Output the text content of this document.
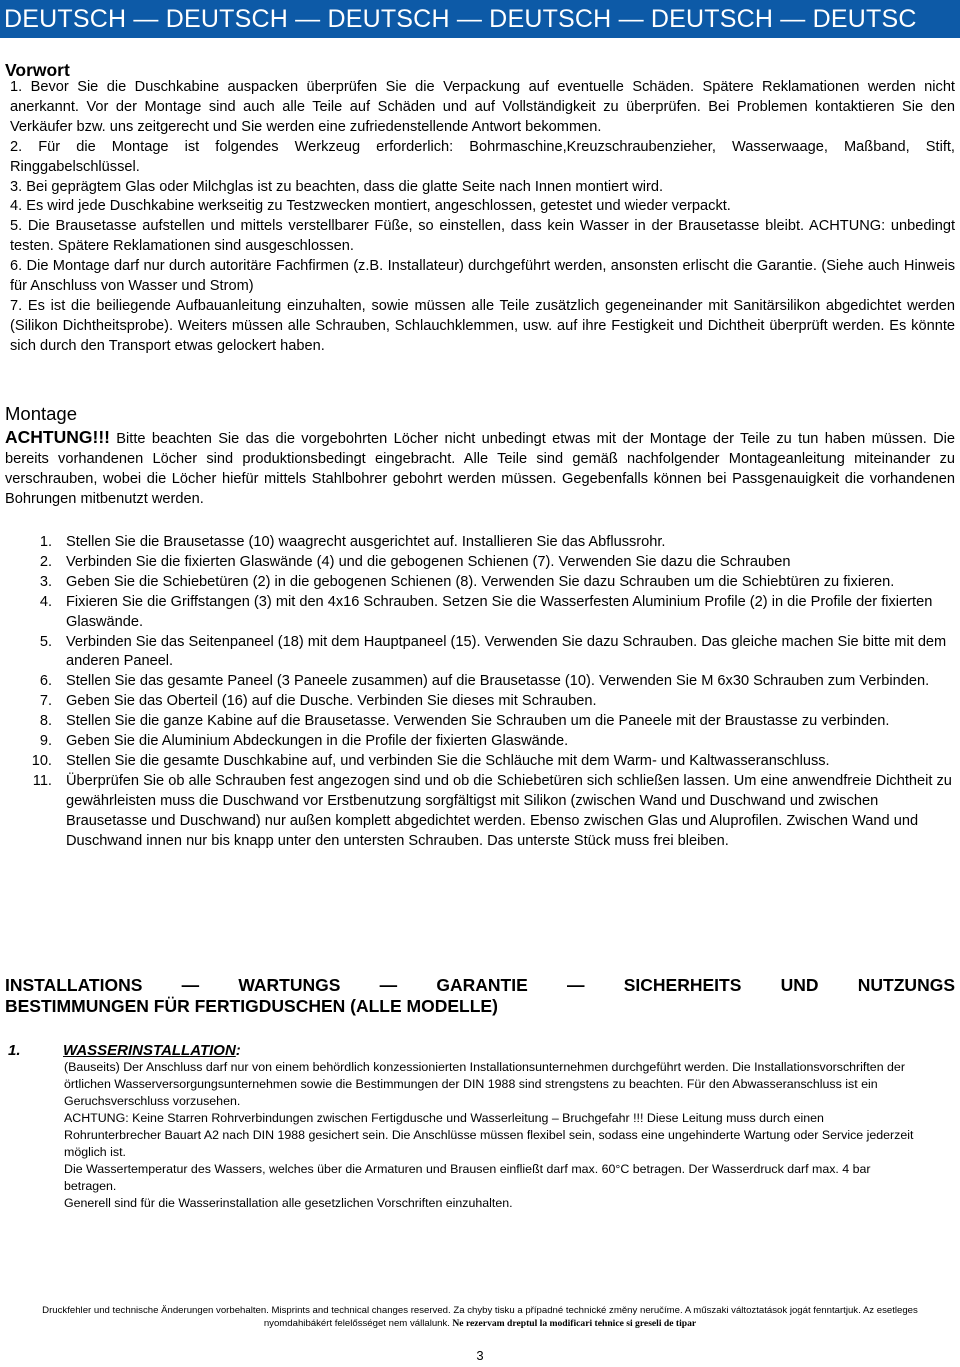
DEUTSCH — DEUTSCH — DEUTSCH — DEUTSCH — DEUTSCH — DEUTSC
Vorwort

1. Bevor Sie die Duschkabine auspacken überprüfen Sie die Verpackung auf eventuelle Schäden. Spätere Reklamationen werden nicht anerkannt. Vor der Montage sind auch alle Teile auf Schäden und auf Vollständigkeit zu überprüfen. Bei Problemen kontaktieren Sie den Verkäufer bzw. uns zeitgerecht und Sie werden eine zufriedenstellende Antwort bekommen.

2. Für die Montage ist folgendes Werkzeug erforderlich: Bohrmaschine,Kreuzschraubenzieher, Wasserwaage, Maßband, Stift, Ringgabelschlüssel.

3. Bei geprägtem Glas oder Milchglas ist zu beachten, dass die glatte Seite nach Innen montiert wird.

4. Es wird jede Duschkabine werkseitig zu Testzwecken montiert, angeschlossen, getestet und wieder verpackt.

5. Die Brausetasse aufstellen und mittels verstellbarer Füße, so einstellen, dass kein Wasser in der Brausetasse bleibt. ACHTUNG: unbedingt testen. Spätere Reklamationen sind ausgeschlossen.

6. Die Montage darf nur durch autoritäre Fachfirmen (z.B. Installateur) durchgeführt werden, ansonsten erlischt die Garantie. (Siehe auch Hinweis für Anschluss von Wasser und Strom)

7. Es ist die beiliegende Aufbauanleitung einzuhalten, sowie müssen alle Teile zusätzlich gegeneinander mit Sanitärsilikon abgedichtet werden (Silikon Dichtheitsprobe). Weiters müssen alle Schrauben, Schlauchklemmen, usw. auf ihre Festigkeit und Dichtheit überprüft werden. Es könnte sich durch den Transport etwas gelockert haben.

Montage
ACHTUNG!!! Bitte beachten Sie das die vorgebohrten Löcher nicht unbedingt etwas mit der Montage der Teile zu tun haben müssen. Die bereits vorhandenen Löcher sind produktionsbedingt eingebracht. Alle Teile sind gemäß nachfolgender Montageanleitung miteinander zu verschrauben, wobei die Löcher hiefür mittels Stahlbohrer gebohrt werden müssen. Gegebenfalls können bei Passgenauigkeit die vorhandenen Bohrungen mitbenutzt werden.
1. Stellen Sie die Brausetasse (10) waagrecht ausgerichtet auf. Installieren Sie das Abflussrohr.
2. Verbinden Sie die fixierten Glaswände (4) und die gebogenen Schienen (7). Verwenden Sie dazu die Schrauben
3. Geben Sie die Schiebetüren (2) in die gebogenen Schienen (8). Verwenden Sie dazu Schrauben um die Schiebtüren zu fixieren.
4. Fixieren Sie die Griffstangen (3) mit den 4x16 Schrauben. Setzen Sie die Wasserfesten Aluminium Profile (2) in die Profile der fixierten Glaswände.
5. Verbinden Sie das Seitenpaneel (18) mit dem Hauptpaneel (15). Verwenden Sie dazu Schrauben. Das gleiche machen Sie bitte mit dem anderen Paneel.
6. Stellen Sie das gesamte Paneel (3 Paneele zusammen) auf die Brausetasse (10). Verwenden Sie M 6x30 Schrauben zum Verbinden.
7. Geben Sie das Oberteil (16) auf die Dusche. Verbinden Sie dieses mit Schrauben.
8. Stellen Sie die ganze Kabine auf die Brausetasse. Verwenden Sie Schrauben um die Paneele mit der Braustasse zu verbinden.
9. Geben Sie die Aluminium Abdeckungen in die Profile der fixierten Glaswände.
10. Stellen Sie die gesamte Duschkabine auf, und verbinden Sie die Schläuche mit dem Warm- und Kaltwasseranschluss.
11. Überprüfen Sie ob alle Schrauben fest angezogen sind und ob die Schiebetüren sich schließen lassen. Um eine anwendfreie Dichtheit zu gewährleisten muss die Duschwand vor Erstbenutzung sorgfältigst mit Silikon (zwischen Wand und Duschwand und zwischen Brausetasse und Duschwand) nur außen komplett abgedichtet werden. Ebenso zwischen Glas und Aluprofilen. Zwischen Wand und Duschwand innen nur bis knapp unter den untersten Schrauben. Das unterste Stück muss frei bleiben.
INSTALLATIONS — WARTUNGS — GARANTIE — SICHERHEITS UND NUTZUNGS
BESTIMMUNGEN FÜR FERTIGDUSCHEN (ALLE MODELLE)
1.	WASSERINSTALLATION:

(Bauseits) Der Anschluss darf nur von einem behördlich konzessionierten Installationsunternehmen durchgeführt werden. Die Installationsvorschriften der örtlichen Wasserversorgungsunternehmen sowie die Bestimmungen der DIN 1988 sind strengstens zu beachten. Für den Abwasseranschluss ist ein Geruchsverschluss vorzusehen.

ACHTUNG: Keine Starren Rohrverbindungen zwischen Fertigdusche und Wasserleitung – Bruchgefahr !!! Diese Leitung muss durch einen Rohrunterbrecher Bauart A2 nach DIN 1988 gesichert sein. Die Anschlüsse müssen flexibel sein, sodass eine ungehinderte Wartung oder Service jederzeit möglich ist.

Die Wassertemperatur des Wassers, welches über die Armaturen und Brausen einfließt darf max. 60°C betragen. Der Wasserdruck darf max. 4 bar betragen.

Generell sind für die Wasserinstallation alle gesetzlichen Vorschriften einzuhalten.

Druckfehler und technische Änderungen vorbehalten. Misprints and technical changes reserved. Za chyby tisku a případné technické změny neručíme. A műszaki változtatások jogát fenntartjuk. Az esetleges
nyomdahibákért felelősséget nem vállalunk. Ne rezervam dreptul la modificari tehnice si greseli de tipar
3
